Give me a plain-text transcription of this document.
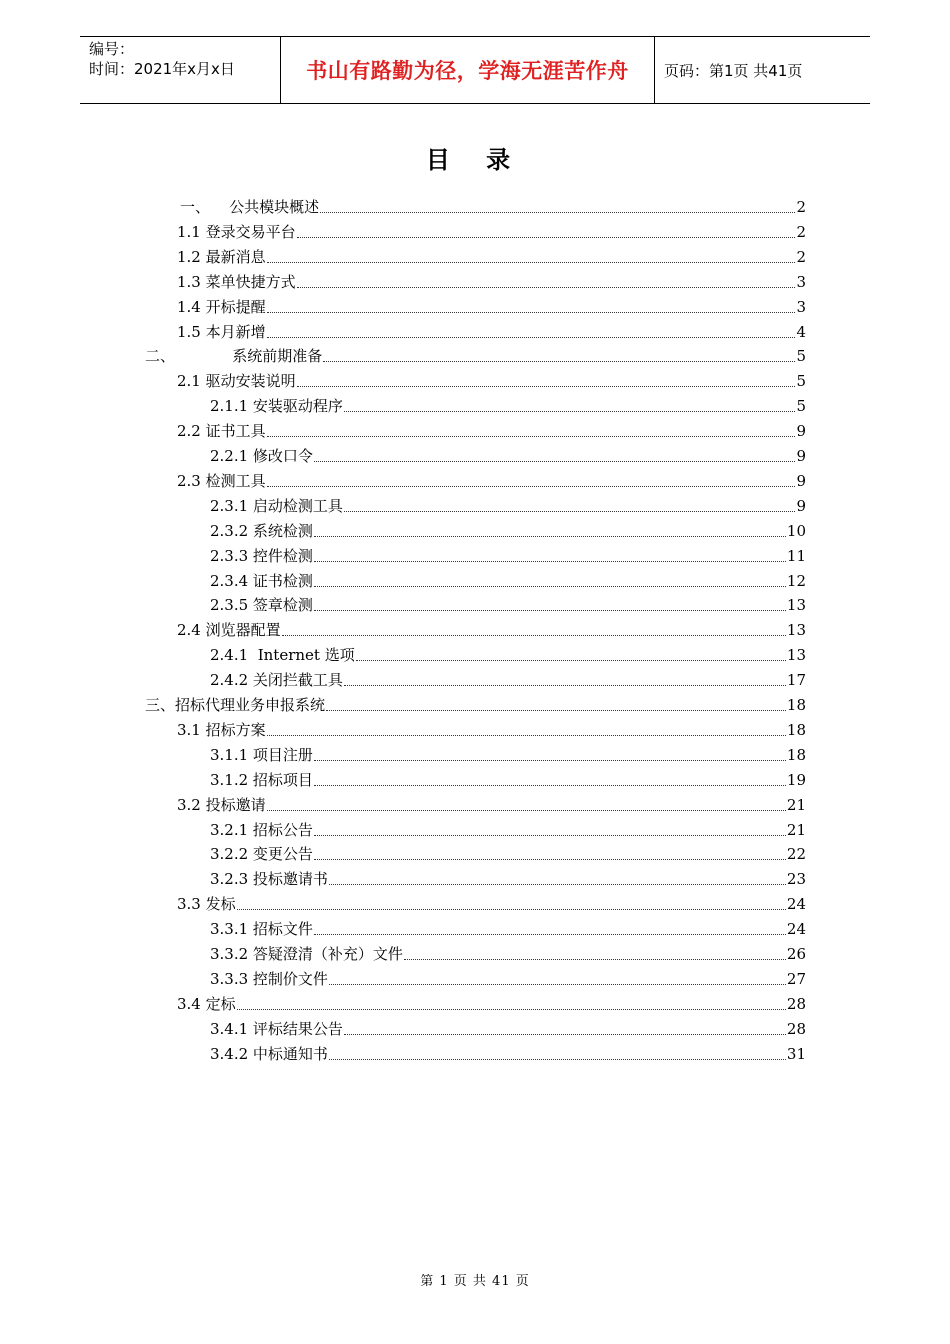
编号：
时间：2021年x月x日	书山有路勤为径，学海无涯苦作舟 页码：第1页 共41页
目 录
一、    公共模块概述	2
1.1 登录交易平台	2
1.2 最新消息	2
1.3 菜单快捷方式	3
1.4 开标提醒	3
1.5 本月新增	4
二、            系统前期准备	5
2.1 驱动安装说明	5
2.1.1 安装驱动程序	5
2.2 证书工具	9
2.2.1 修改口令	9
2.3 检测工具	9
2.3.1 启动检测工具	9
2.3.2 系统检测	10
2.3.3 控件检测	11
2.3.4 证书检测	12
2.3.5 签章检测	13
2.4 浏览器配置	13
2.4.1  Internet 选项	13
2.4.2 关闭拦截工具	17
三、招标代理业务申报系统	18
3.1 招标方案	18
3.1.1 项目注册	18
3.1.2 招标项目	19
3.2 投标邀请	21
3.2.1 招标公告	21
3.2.2 变更公告	22
3.2.3 投标邀请书	23
3.3 发标	24
3.3.1 招标文件	24
3.3.2 答疑澄清（补充）文件	26
3.3.3 控制价文件	27
3.4 定标	28
3.4.1 评标结果公告	28
3.4.2 中标通知书	31
第 1 页 共 41 页
